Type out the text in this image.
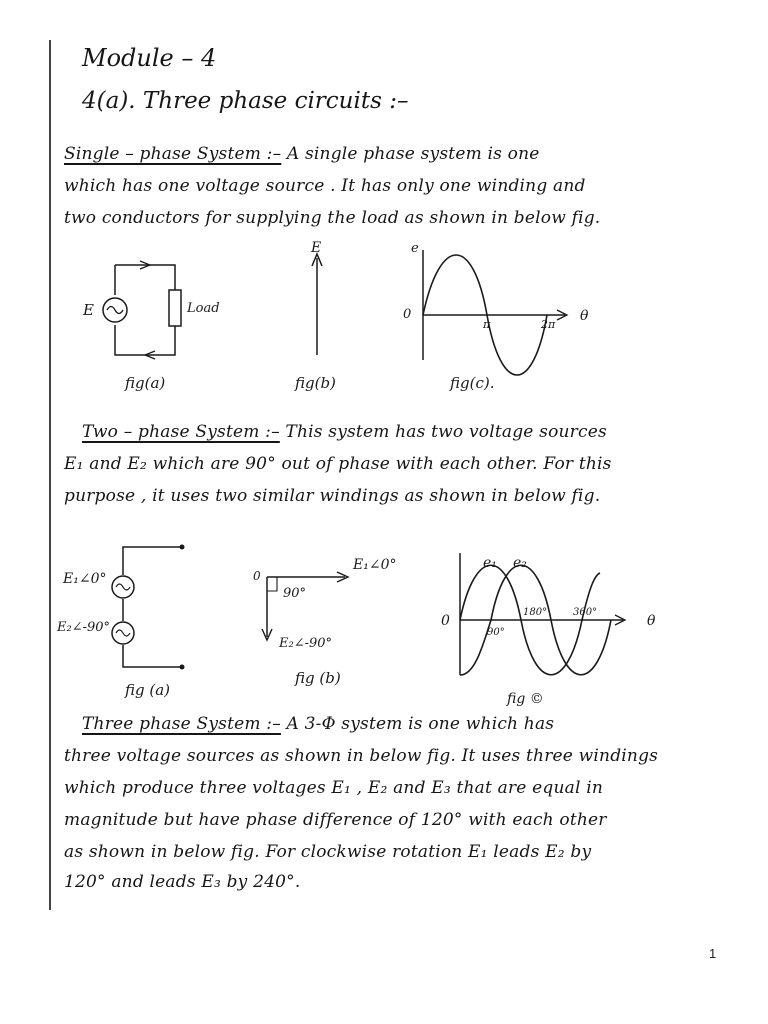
Module – 4
4(a). Three phase circuits :–
Single – phase System :– A single phase system is one
which has one voltage source . It has only one winding and
two conductors for supplying the load as shown in below fig.
E	Load
fig(a)
E
fig(b)
e
0
π	2π
θ
fig(c).
Two – phase System :– This system has two voltage sources
E₁ and E₂ which are 90° out of phase with each other. For this
purpose , it uses two similar windings as shown in below fig.
E₁∠0°
E₂∠-90°
fig (a)
0
E₁∠0°
90°
E₂∠-90°
fig (b)
e₁ e₂
0
90°
180°	360°
θ
fig ©
Three phase System :– A 3-Φ system is one which has
three voltage sources as shown in below fig. It uses three windings
which produce three voltages E₁ , E₂ and E₃ that are equal in
magnitude but have phase difference of 120° with each other
as shown in below fig. For clockwise rotation E₁ leads E₂ by
120° and leads E₃ by 240°.
1
